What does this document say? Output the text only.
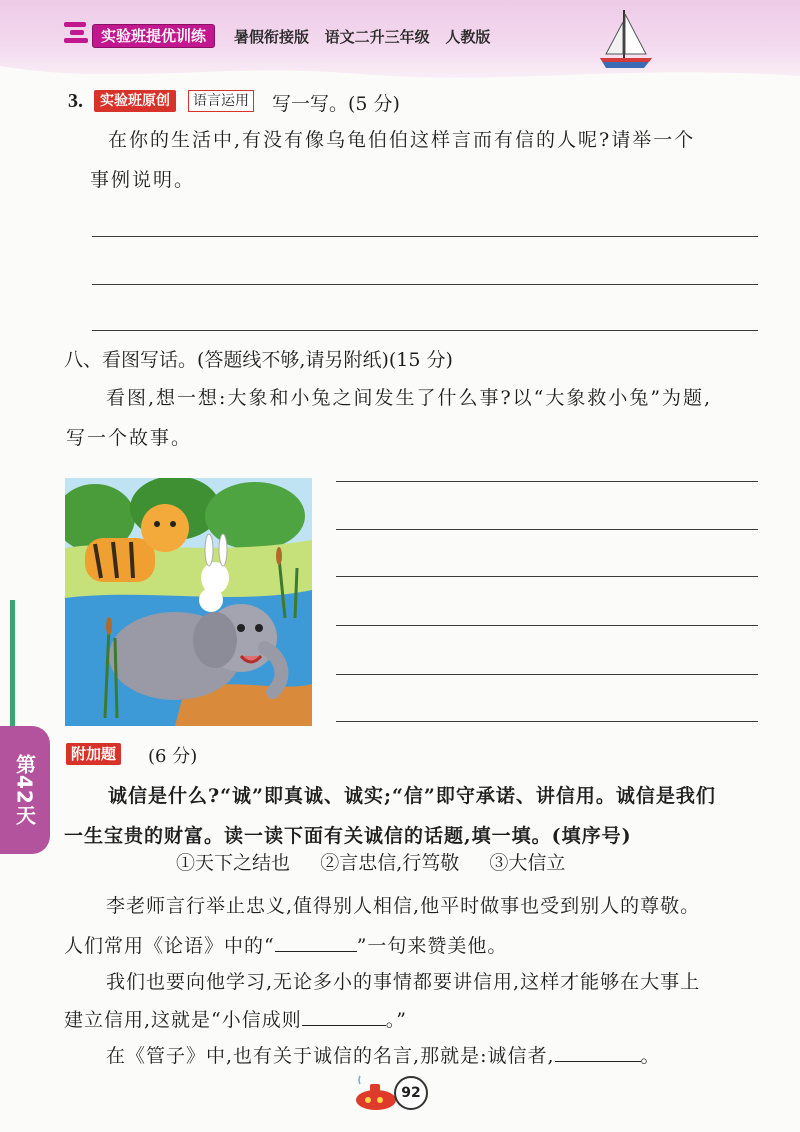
实验班提优训练	暑假衔接版   语文二升三年级   人教版
3.	实验班原创	语言运用 写一写。(5 分)
在你的生活中,有没有像乌龟伯伯这样言而有信的人呢?请举一个
事例说明。
八、看图写话。(答题线不够,请另附纸)(15 分)
看图,想一想:大象和小兔之间发生了什么事?以“大象救小兔”为题,
写一个故事。
第42天
附加题 (6 分)
诚信是什么?“诚”即真诚、诚实;“信”即守承诺、讲信用。诚信是我们
一生宝贵的财富。读一读下面有关诚信的话题,填一填。(填序号)
①天下之结也     ②言忠信,行笃敬     ③大信立
李老师言行举止忠义,值得别人相信,他平时做事也受到别人的尊敬。
人们常用《论语》中的“	”一句来赞美他。
我们也要向他学习,无论多小的事情都要讲信用,这样才能够在大事上
建立信用,这就是“小信成则	。”
在《管子》中,也有关于诚信的名言,那就是:诚信者,	。
92
